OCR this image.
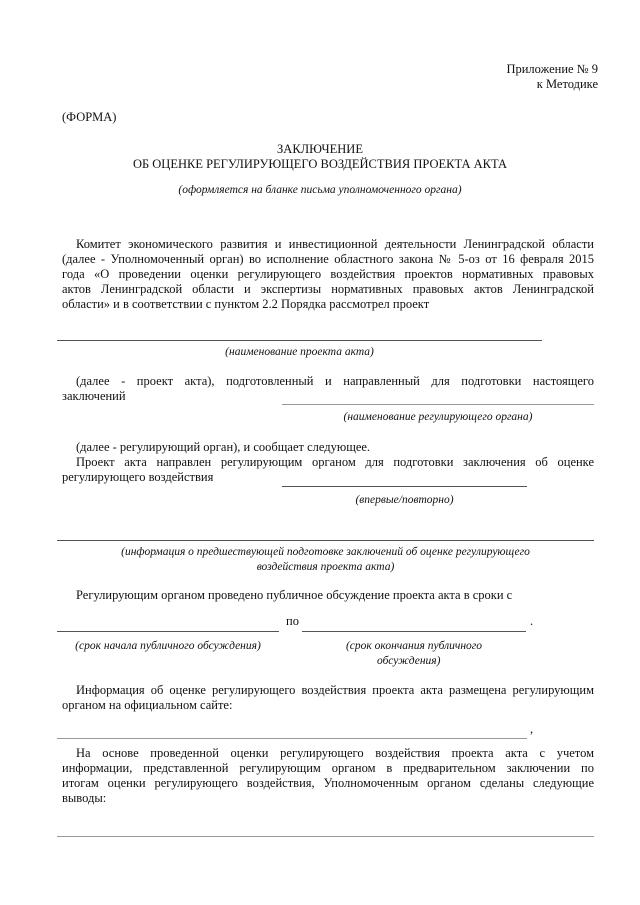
Приложение № 9
к Методике
(ФОРМА)
ЗАКЛЮЧЕНИЕ
ОБ ОЦЕНКЕ РЕГУЛИРУЮЩЕГО ВОЗДЕЙСТВИЯ ПРОЕКТА АКТА
(оформляется на бланке письма уполномоченного органа)
Комитет экономического развития и инвестиционной деятельности Ленинградской области
(далее - Уполномоченный орган) во исполнение областного закона № 5-оз от 16 февраля 2015
года «О проведении оценки регулирующего воздействия проектов нормативных правовых
актов Ленинградской области и экспертизы нормативных правовых актов Ленинградской
области» и в соответствии с пунктом 2.2 Порядка рассмотрел проект
(наименование проекта акта)
(далее - проект акта), подготовленный и направленный для подготовки настоящего
заключений
(наименование регулирующего органа)
(далее - регулирующий орган), и сообщает следующее.
Проект акта направлен регулирующим органом для подготовки заключения об оценке
регулирующего воздействия
(впервые/повторно)
(информация о предшествующей подготовке заключений об оценке регулирующего
воздействия проекта акта)
Регулирующим органом проведено публичное обсуждение проекта акта в сроки с
по	.
(срок начала публичного обсуждения)	(срок окончания публичного
обсуждения)
Информация об оценке регулирующего воздействия проекта акта размещена регулирующим
органом на официальном сайте:
,
На основе проведенной оценки регулирующего воздействия проекта акта с учетом
информации, представленной регулирующим органом в предварительном заключении по
итогам оценки регулирующего воздействия, Уполномоченным органом сделаны следующие
выводы:
